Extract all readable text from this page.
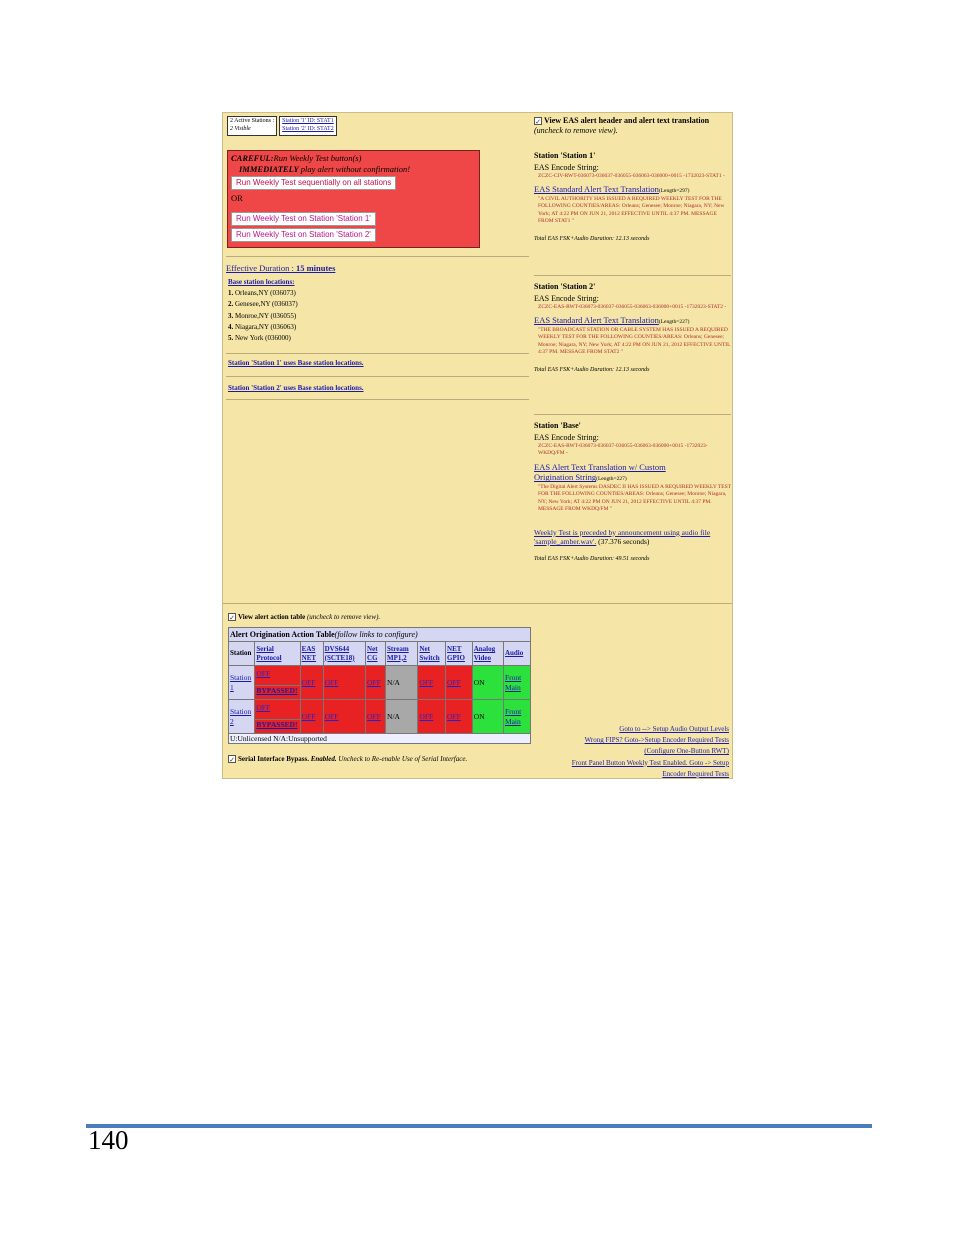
2 Active Stations :
2 VisibleStation '1' ID: STAT1
Station '2' ID: STAT2
CAREFUL:Run Weekly Test button(s)
IMMEDIATELY play alert without confirmation!
Run Weekly Test sequentially on all stations

OR
Run Weekly Test on Station 'Station 1'
Run Weekly Test on Station 'Station 2'
Effective Duration : 15 minutes
Base station locations:
1. Orleans,NY (036073)
2. Genesee,NY (036037)
3. Monroe,NY (036055)
4. Niagara,NY (036063)
5. New York (036000)
Station 'Station 1' uses Base station locations.
Station 'Station 2' uses Base station locations.
✓ View EAS alert header and alert text translation
(uncheck to remove view).
Station 'Station 1'
EAS Encode String:
ZCZC-CIV-RWT-036073-036037-036055-036063-036000+0015 -1732023-STAT1 -
EAS Standard Alert Text Translation(Length=297)
"A CIVIL AUTHORITY HAS ISSUED A REQUIRED WEEKLY TEST FOR THE FOLLOWING COUNTIES/AREAS: Orleans; Genesee; Monroe; Niagara, NY; New York; AT 4:22 PM ON JUN 21, 2012 EFFECTIVE UNTIL 4:37 PM. MESSAGE FROM STAT1 "
Total EAS FSK+Audio Duration: 12.13 seconds
Station 'Station 2'
EAS Encode String:
ZCZC-EAS-RWT-036073-036037-036055-036063-036000+0015 -1732023-STAT2 -
EAS Standard Alert Text Translation(Length=227)
"THE BROADCAST STATION OR CABLE SYSTEM HAS ISSUED A REQUIRED WEEKLY TEST FOR THE FOLLOWING COUNTIES/AREAS: Orleans; Genesee; Monroe; Niagara, NY; New York; AT 4:22 PM ON JUN 21, 2012 EFFECTIVE UNTIL 4:37 PM. MESSAGE FROM STAT2 "
Total EAS FSK+Audio Duration: 12.13 seconds
Station 'Base'
EAS Encode String:
ZCZC-EAS-RWT-036073-036037-036055-036063-036000+0015 -1732023-WKDQ/FM -
EAS Alert Text Translation w/ Custom Origination String(Length=227)
"The Digital Alert Systems DASDEC II HAS ISSUED A REQUIRED WEEKLY TEST FOR THE FOLLOWING COUNTIES/AREAS: Orleans; Genesee; Monroe; Niagara, NY; New York; AT 4:22 PM ON JUN 21, 2012 EFFECTIVE UNTIL 4:37 PM. MESSAGE FROM WKDQ/FM "
Weekly Test is preceded by announcement using audio file 'sample_amber.wav'. (37.376 seconds)
Total EAS FSK+Audio Duration: 49.51 seconds
✓ View alert action table (uncheck to remove view).
Alert Origination Action Table(follow links to configure)									
Station	Serial Protocol	EAS NET	DVS644 (SCTE18)	Net CG	Stream MP1,2	Net Switch	NET GPIO	Analog Video	Audio
Station 1	OFF
BYPASSED!	OFF	OFF	OFF	N/A	OFF	OFF	ON	Front Main
Station 2	OFF
BYPASSED!	OFF	OFF	OFF	N/A	OFF	OFF	ON	Front Main
U:Unlicensed N/A:Unsupported									
✓ Serial Interface Bypass. Enabled. Uncheck to Re-enable Use of Serial Interface.
Goto to --> Setup Audio Output Levels
Wrong FIPS? Goto->Setup Encoder Required Tests
(Configure One-Button RWT)
Front Panel Button Weekly Test Enabled. Goto -> Setup
Encoder Required Tests
140
